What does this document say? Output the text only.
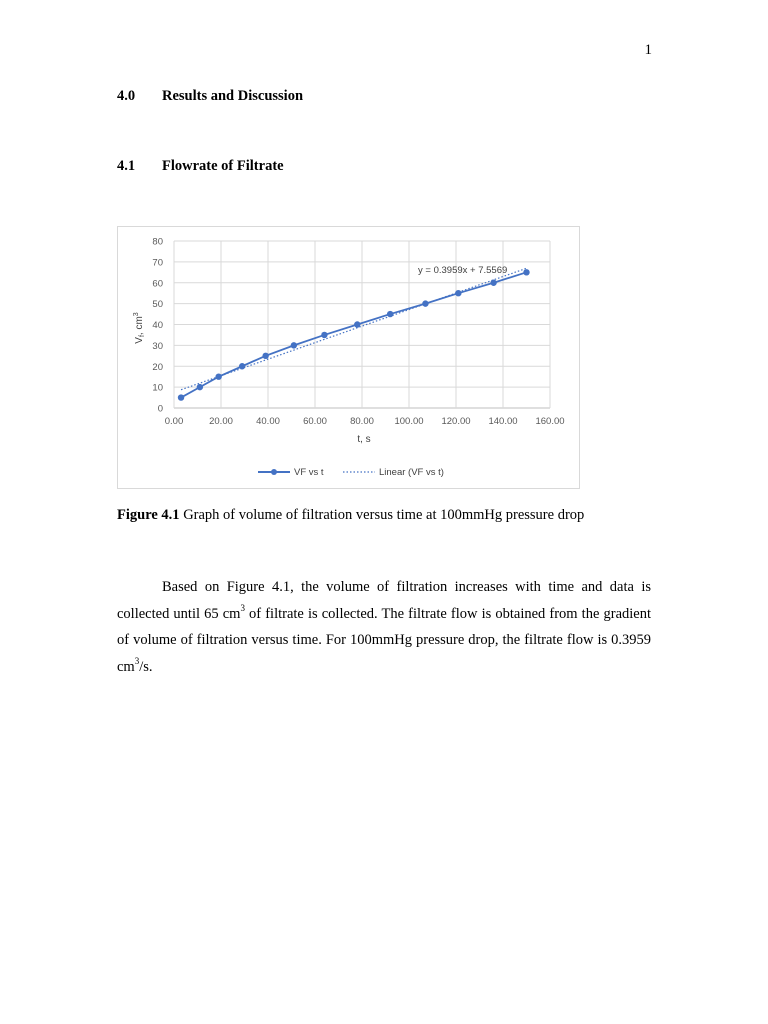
1
4.0 Results and Discussion
4.1 Flowrate of Filtrate
0
10
20
30
40
50
60
70
80
0.00	20.00 40.00 60.00 80.00 100.00 120.00 140.00 160.00
y = 0.3959x + 7.5569
t, s
$V_f$, $cm^3$
VF vs t	Linear (VF vs t)
Figure 4.1 Graph of volume of filtration versus time at 100mmHg pressure drop

Based on Figure 4.1, the volume of filtration increases with time and data is collected until 65 $cm^3$ of filtrate is collected. The filtrate flow is obtained from the gradient of volume of filtration versus time. For 100mmHg pressure drop, the filtrate flow is 0.3959 $cm^3/s$.
